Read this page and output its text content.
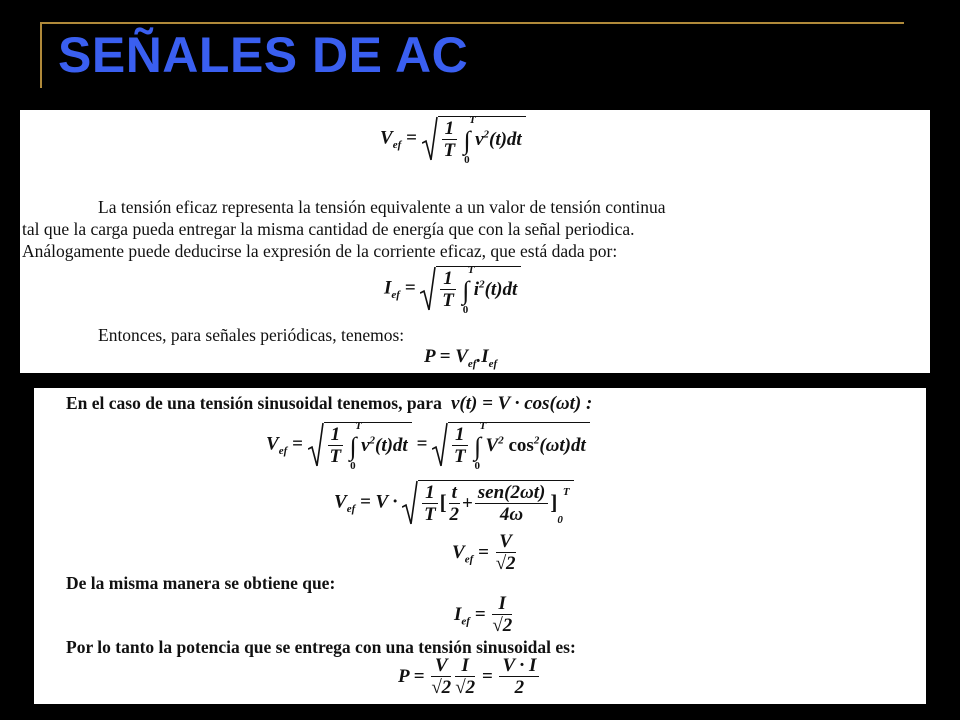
SEÑALES DE AC
$V_{ef} = \frac{1}{T}$ ∫
T
0
$v^2(t)dt$

La tensión eficaz representa la tensión equivalente a un valor de tensión continua

tal que la carga pueda entregar la misma cantidad de energía que con la señal periodica.

Análogamente puede deducirse la expresión de la corriente eficaz, que está dada por:

$I_{ef} = \frac{1}{T}$ ∫
T
0
$i^2(t)dt$

Entonces, para señales periódicas, tenemos:

$P = V_{ef}.I_{ef}$

En el caso de una tensión sinusoidal tenemos, para  v(t) = V · cos(ωt) :

$V_{ef} = \frac{1}{T}$ ∫
T
0
$v^2(t)dt = \frac{1}{T}$ ∫
T
0
$V^2$ $\cos^2(\omega t)dt$
$V_{ef} = V \cdot \frac{1}{T}$ [ $\frac{t}{2} + \frac{\text{sen(2ωt)}}{4\omega} ]_0^T$
$V_{ef} = \frac{V}{√2}$

De la misma manera se obtiene que:

$I_{ef} = \frac{I}{√2}$

Por lo tanto la potencia que se entrega con una tensión sinusoidal es:

$P = \frac{V}{√2} \frac{I}{√2} = \frac{V \cdot I}{2}$
